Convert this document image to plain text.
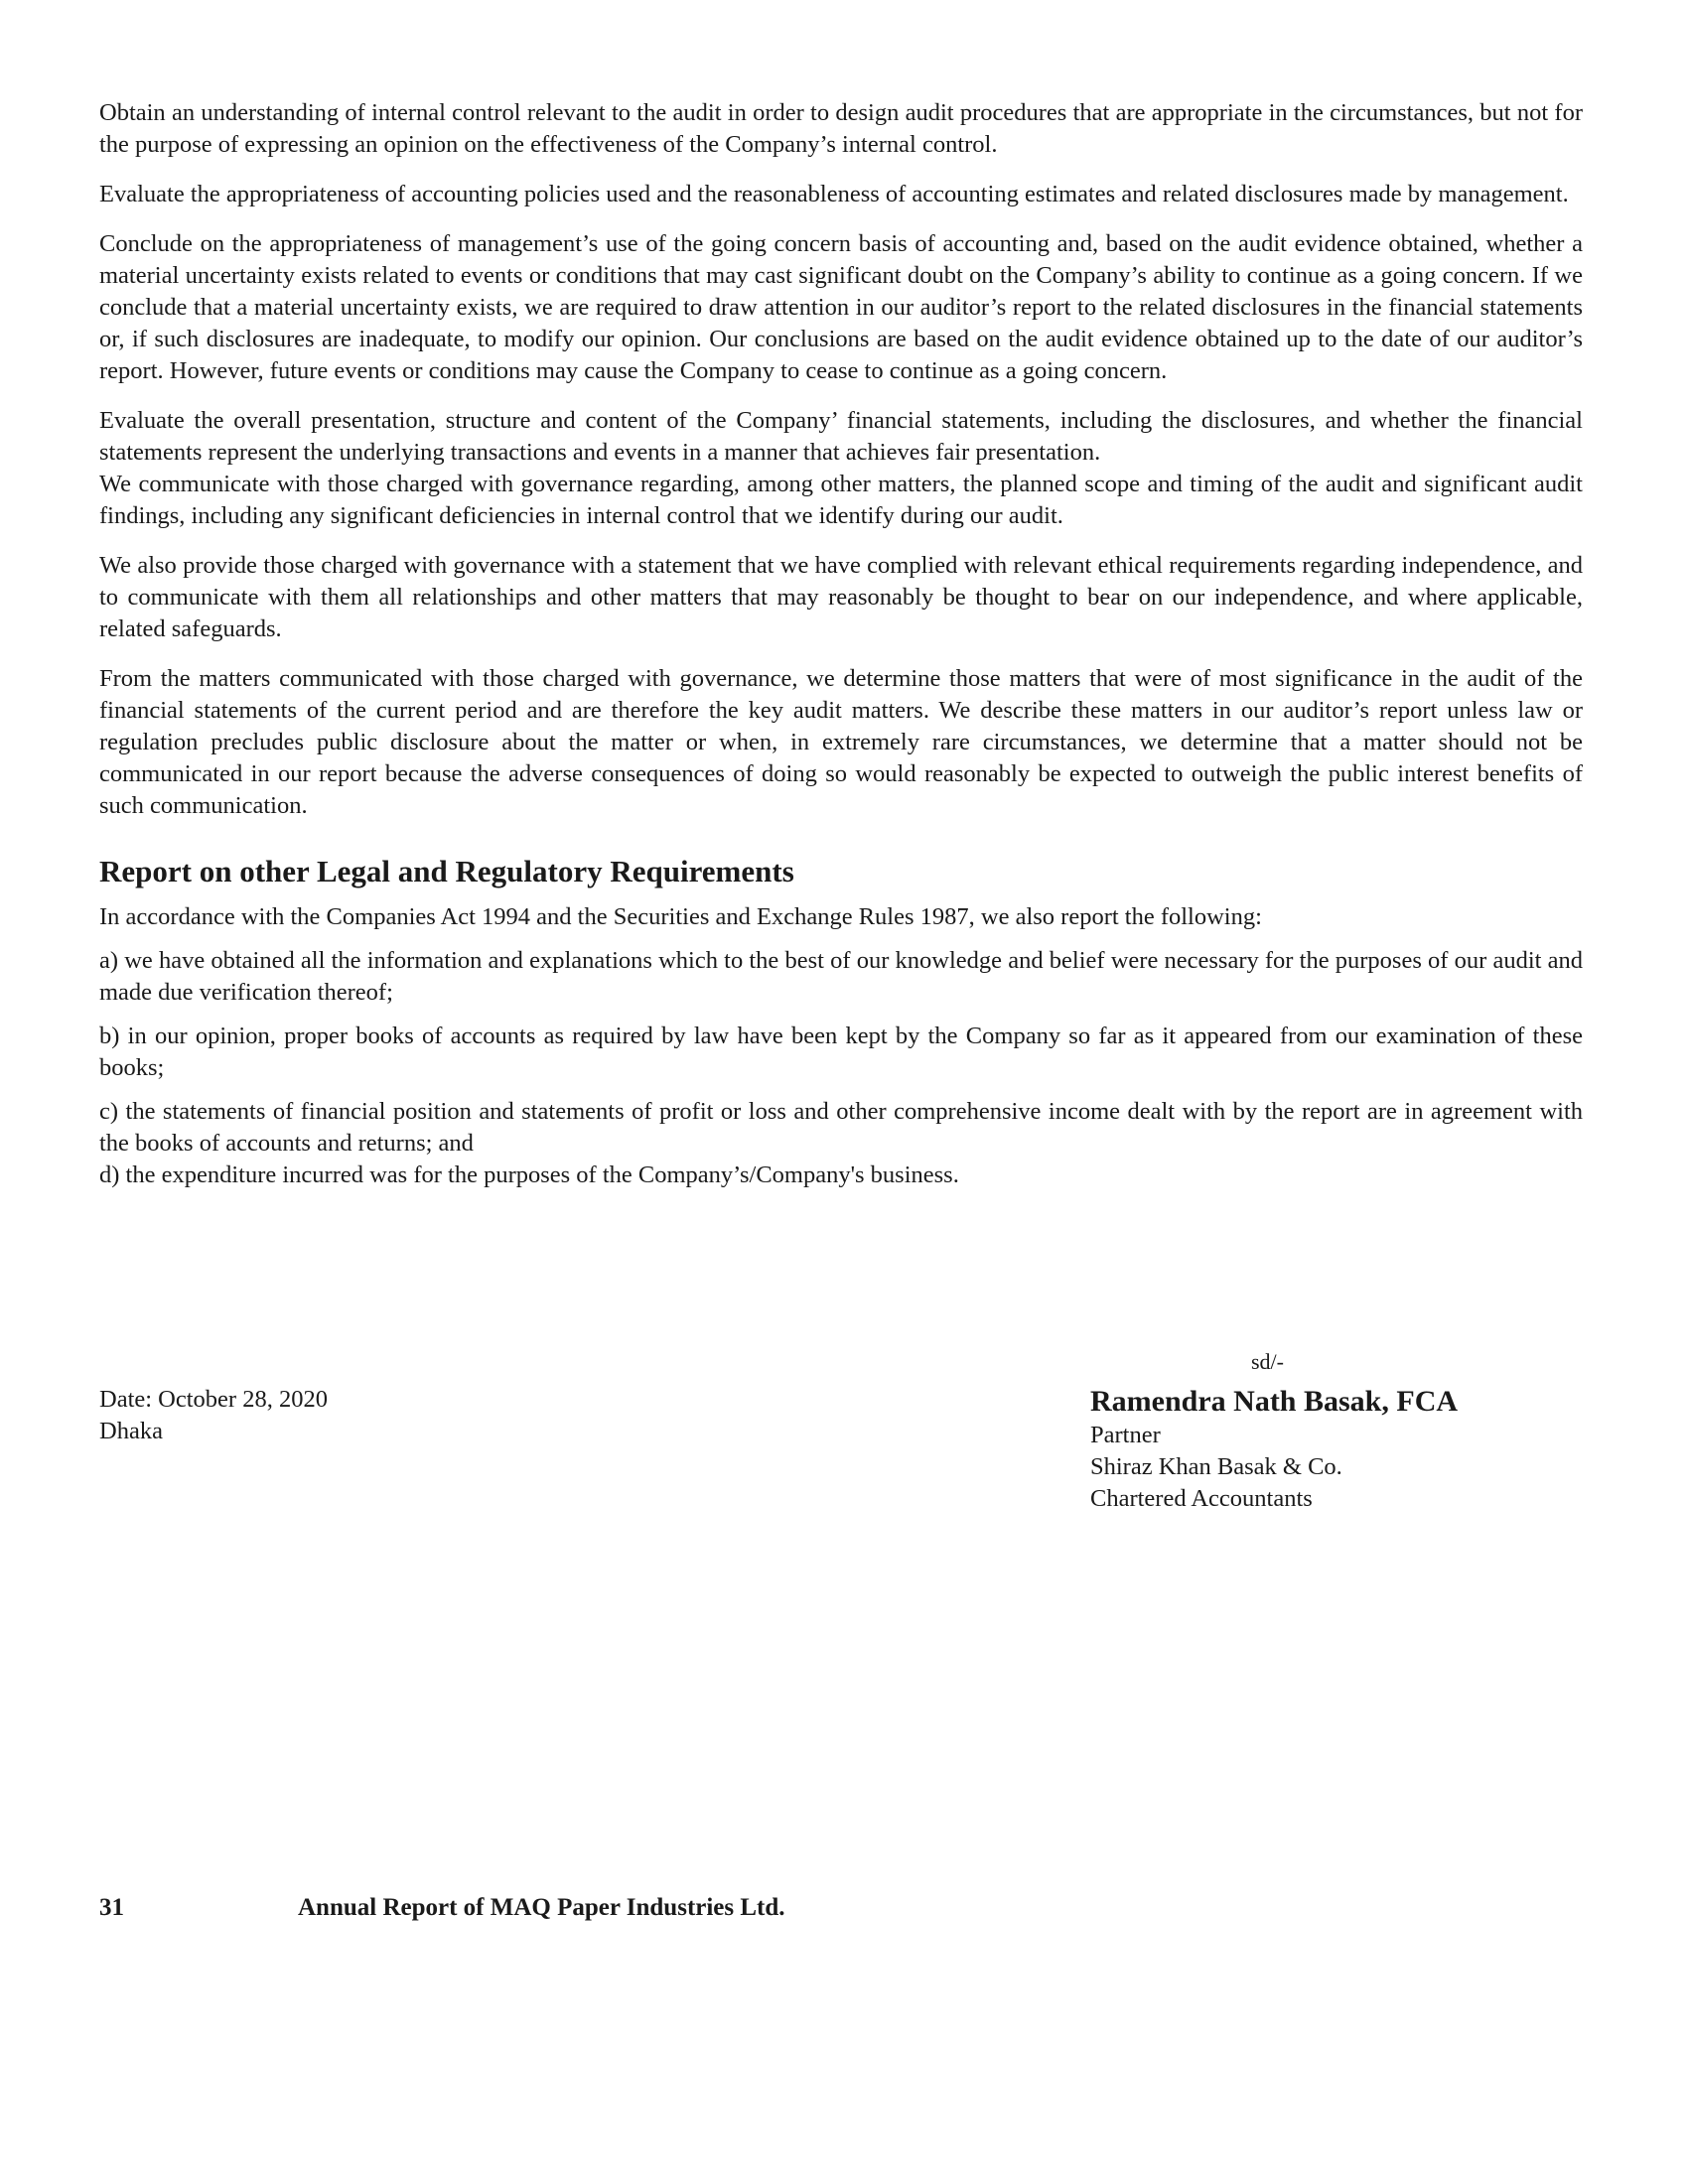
Obtain an understanding of internal control relevant to the audit in order to design audit procedures that are appropriate in the circumstances, but not for the purpose of expressing an opinion on the effectiveness of the Company’s internal control.

Evaluate the appropriateness of accounting policies used and the reasonableness of accounting estimates and related disclosures made by management.

Conclude on the appropriateness of management’s use of the going concern basis of accounting and, based on the audit evidence obtained, whether a material uncertainty exists related to events or conditions that may cast significant doubt on the Company’s ability to continue as a going concern. If we conclude that a material uncertainty exists, we are required to draw attention in our auditor’s report to the related disclosures in the financial statements or, if such disclosures are inadequate, to modify our opinion. Our conclusions are based on the audit evidence obtained up to the date of our auditor’s report. However, future events or conditions may cause the Company to cease to continue as a going concern.

Evaluate the overall presentation, structure and content of the Company’ financial statements, including the disclosures, and whether the financial statements represent the underlying transactions and events in a manner that achieves fair presentation.

We communicate with those charged with governance regarding, among other matters, the planned scope and timing of the audit and significant audit findings, including any significant deficiencies in internal control that we identify during our audit.

We also provide those charged with governance with a statement that we have complied with relevant ethical requirements regarding independence, and to communicate with them all relationships and other matters that may reasonably be thought to bear on our independence, and where applicable, related safeguards.

From the matters communicated with those charged with governance, we determine those matters that were of most significance in the audit of the financial statements of the current period and are therefore the key audit matters. We describe these matters in our auditor’s report unless law or regulation precludes public disclosure about the matter or when, in extremely rare circumstances, we determine that a matter should not be communicated in our report because the adverse consequences of doing so would reasonably be expected to outweigh the public interest benefits of such communication.

Report on other Legal and Regulatory Requirements

In accordance with the Companies Act 1994 and the Securities and Exchange Rules 1987, we also report the following:

a) we have obtained all the information and explanations which to the best of our knowledge and belief were necessary for the purposes of our audit and made due verification thereof;

b) in our opinion, proper books of accounts as required by law have been kept by the Company so far as it appeared from our examination of these books;

c) the statements of financial position and statements of profit or loss and other comprehensive income dealt with by the report are in agreement with the books of accounts and returns; and

d) the expenditure incurred was for the purposes of the Company’s/Company's business.

Date: October 28, 2020
Dhaka
sd/-
Ramendra Nath Basak, FCA
Partner
Shiraz Khan Basak & Co.
Chartered Accountants
31	Annual Report of MAQ Paper Industries Ltd.
